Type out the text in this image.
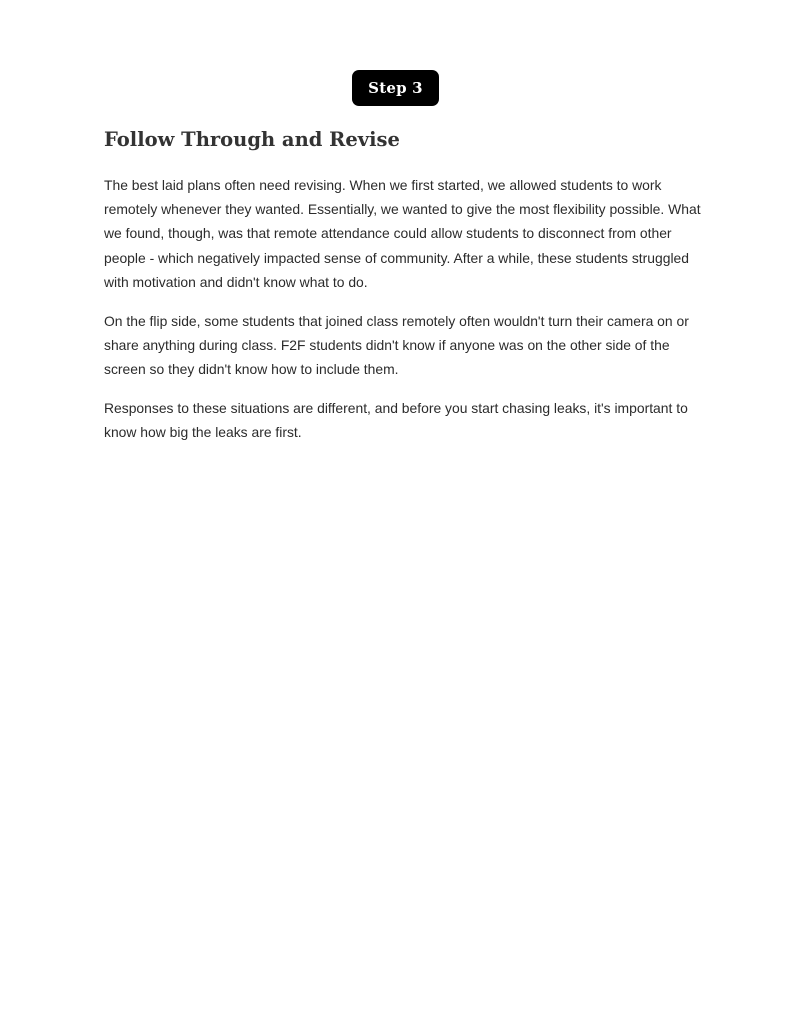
Step 3
Follow Through and Revise

The best laid plans often need revising. When we first started, we allowed students to work
remotely whenever they wanted. Essentially, we wanted to give the most flexibility possible. What
we found, though, was that remote attendance could allow students to disconnect from other
people - which negatively impacted sense of community. After a while, these students struggled
with motivation and didn't know what to do.

On the flip side, some students that joined class remotely often wouldn't turn their camera on or
share anything during class. F2F students didn't know if anyone was on the other side of the
screen so they didn't know how to include them.

Responses to these situations are different, and before you start chasing leaks, it's important to
know how big the leaks are first.
